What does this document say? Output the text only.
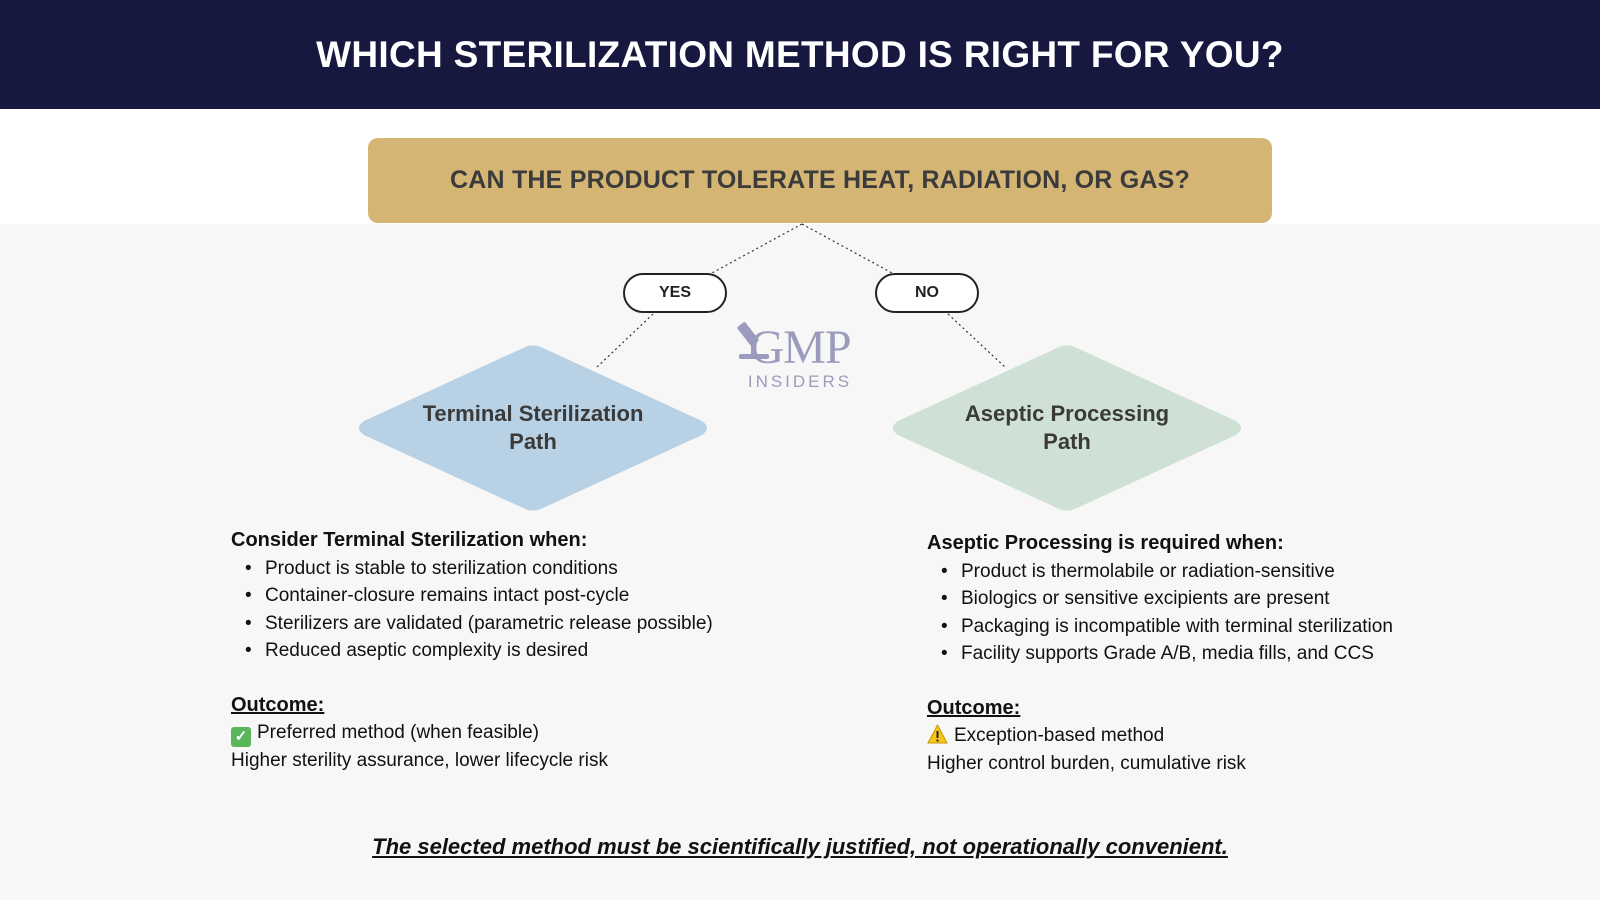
WHICH STERILIZATION METHOD IS RIGHT FOR YOU?
CAN THE PRODUCT TOLERATE HEAT, RADIATION, OR GAS?
YES	NO
GMP
INSIDERS
Terminal Sterilization
Path
Aseptic Processing
Path
Consider Terminal Sterilization when:
• Product is stable to sterilization conditions
• Container-closure remains intact post-cycle
• Sterilizers are validated (parametric release possible)
• Reduced aseptic complexity is desired
Outcome:
✓ Preferred method (when feasible)
Higher sterility assurance, lower lifecycle risk
Aseptic Processing is required when:
• Product is thermolabile or radiation-sensitive
• Biologics or sensitive excipients are present
• Packaging is incompatible with terminal sterilization
• Facility supports Grade A/B, media fills, and CCS
Outcome:
Exception-based method
Higher control burden, cumulative risk
The selected method must be scientifically justified, not operationally convenient.
